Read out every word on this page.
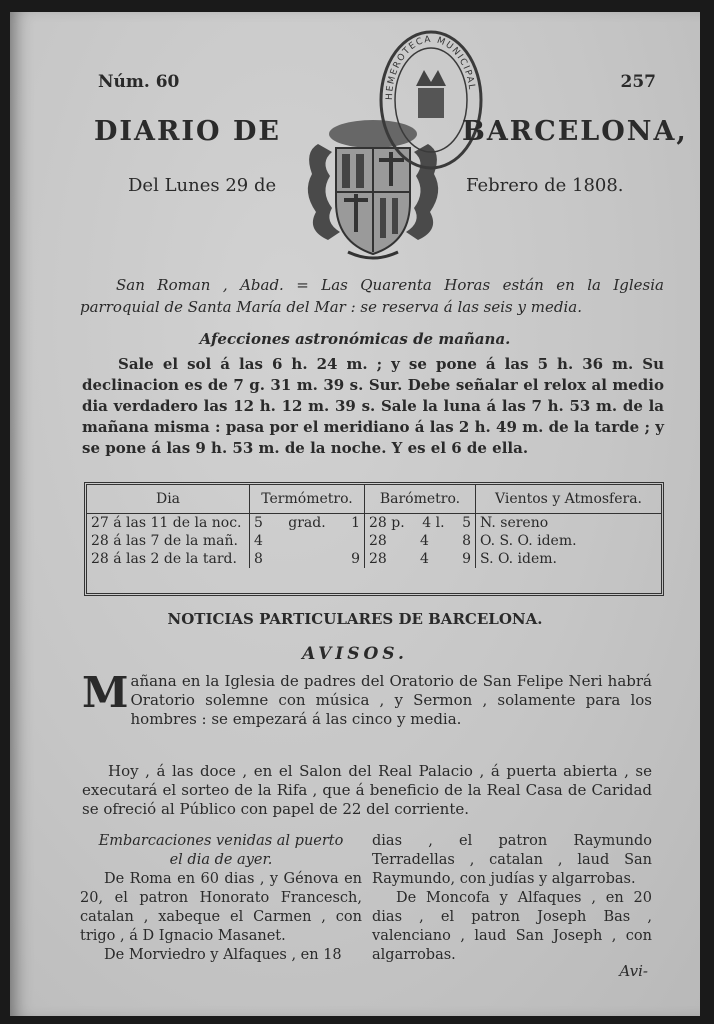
Núm. 60	257
HEMEROTECA MUNICIPAL
DIARIO DE	BARCELONA,
Del Lunes 29 de	Febrero de 1808.
San Roman , Abad. = Las Quarenta Horas están en la Iglesia parroquial de Santa María del Mar : se reserva á las seis y media.
Afecciones astronómicas de mañana.
Sale el sol á las 6 h. 24 m. ; y se pone á las 5 h. 36 m. Su declinacion es de 7 g. 31 m. 39 s. Sur. Debe señalar el relox al medio dia verdadero las 12 h. 12 m. 39 s. Sale la luna á las 7 h. 53 m. de la mañana misma : pasa por el meridiano á las 2 h. 49 m. de la tarde ; y se pone á las 9 h. 53 m. de la noche. Y es el 6 de ella.
Dia	Termómetro.	Barómetro.	Vientos y Atmosfera.
27 á las 11 de la noc.	5 grad. 1	28 p. 4 l. 5	N. sereno
28 á las 7 de la mañ.	4	28 4 8	O. S. O. idem.
28 á las 2 de la tard.	8 9	28 4 9	S. O. idem.
NOTICIAS PARTICULARES DE BARCELONA.
AVISOS.
Mañana en la Iglesia de padres del Oratorio de San Felipe Neri habrá Oratorio solemne con música , y Sermon , solamente para los hombres : se empezará á las cinco y media.
Hoy , á las doce , en el Salon del Real Palacio , á puerta abierta , se executará el sorteo de la Rifa , que á beneficio de la Real Casa de Caridad se ofreció al Público con papel de 22 del corriente.
Embarcaciones venidas al puerto
el dia de ayer.
De Roma en 60 dias , y Génova en 20, el patron Honorato Francesch, catalan , xabeque el Carmen , con trigo , á D Ignacio Masanet.
De Morviedro y Alfaques , en 18
dias , el patron Raymundo Terradellas , catalan , laud San Raymundo, con judías y algarrobas.
De Moncofa y Alfaques , en 20 dias , el patron Joseph Bas , valenciano , laud San Joseph , con algarrobas.
Avi-
